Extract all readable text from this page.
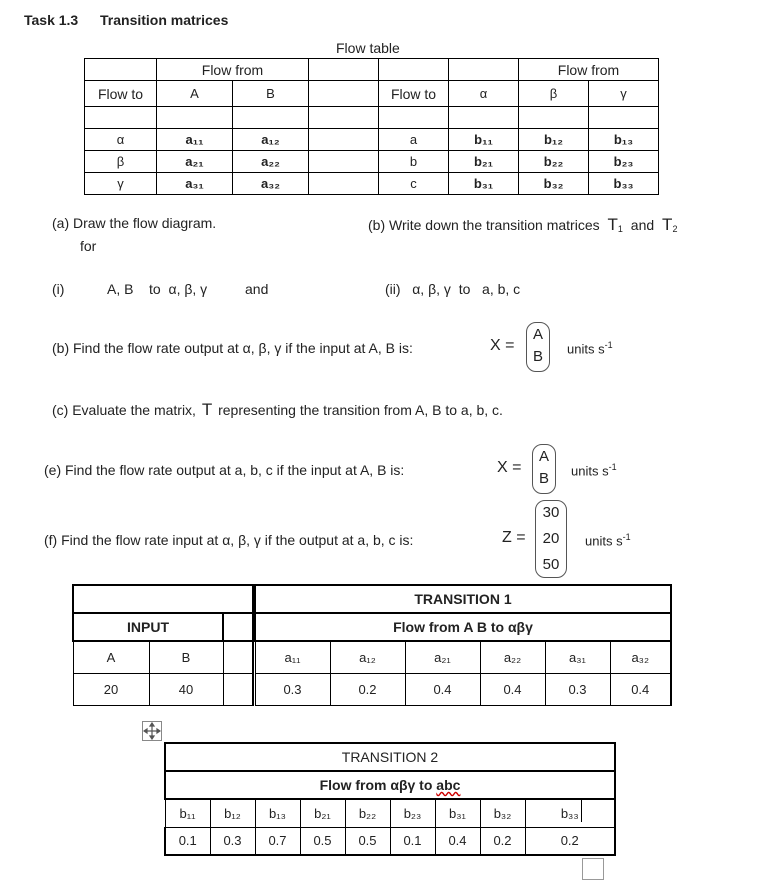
Task 1.3 Transition matrices
Flow table
	Flow from					Flow from	
Flow to	A	B		Flow to	α	β	γ

α	a₁₁	a₁₂		a	b₁₁	b₁₂	b₁₃
β	a₂₁	a₂₂		b	b₂₁	b₂₂	b₂₃
γ	a₃₁	a₃₂		c	b₃₁	b₃₂	b₃₃
(a) Draw the flow diagram.
for
(b) Write down the transition matrices $T_1$ and $T_2$
(i)	A, B    to  α, β, γ	and	(ii)   α, β, γ  to   a, b, c
(b) Find the flow rate output at α, β, γ if the input at A, B is:	X =
A
B	units $s^{-1}$
(c) Evaluate the matrix, T representing the transition from A, B to a, b, c.
(e) Find the flow rate output at a, b, c if the input at A, B is:	X =
A
B	units $s^{-1}$
(f) Find the flow rate input at α, β, γ if the output at a, b, c is:	Z =
30
20
50
units $s^{-1}$

INPUT		
A	B	
20	40	
TRANSITION 1					
Flow from A B to αβγ					
a₁₁	a₁₂	a₂₁	a₂₂	a₃₁	a₃₂
0.3	0.2	0.4	0.4	0.3	0.4
TRANSITION 2								
Flow from αβγ to abc								
b₁₁	b₁₂	b₁₃	b₂₁	b₂₂	b₂₃	b₃₁	b₃₂	b₃₃
0.1	0.3	0.7	0.5	0.5	0.1	0.4	0.2	0.2
